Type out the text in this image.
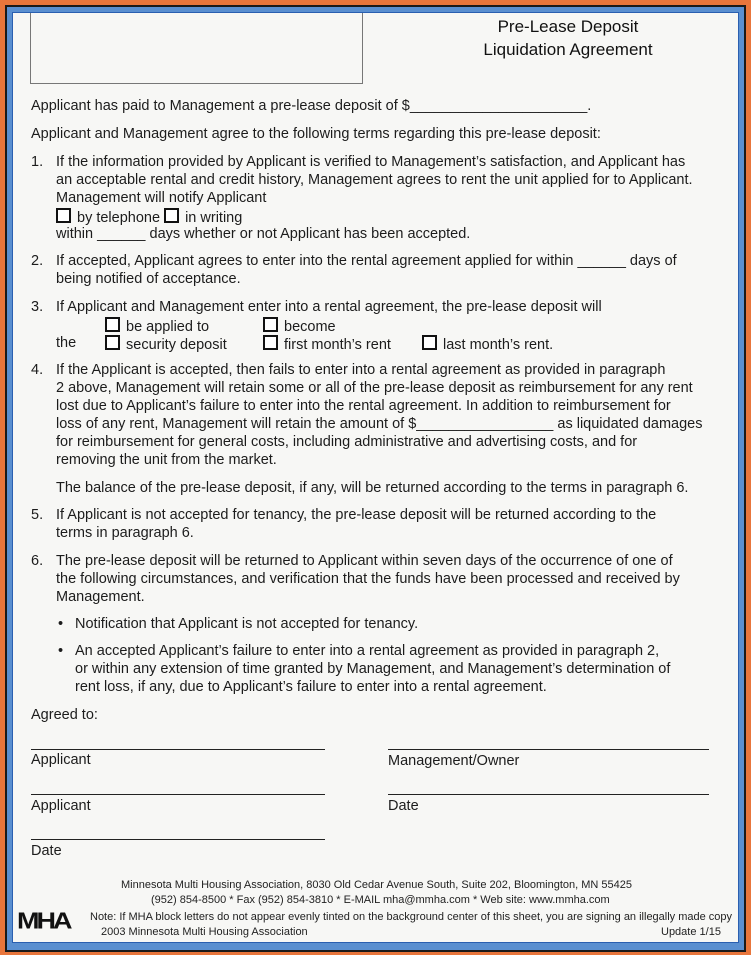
Pre-Lease Deposit
Liquidation Agreement
Applicant has paid to Management a pre-lease deposit of $______________________.
Applicant and Management agree to the following terms regarding this pre-lease deposit:
1. If the information provided by Applicant is verified to Management’s satisfaction, and Applicant has
an acceptable rental and credit history, Management agrees to rent the unit applied for to Applicant.
Management will notify Applicant
by telephone in writing
within ______ days whether or not Applicant has been accepted.
2. If accepted, Applicant agrees to enter into the rental agreement applied for within ______ days of
being notified of acceptance.
3. If Applicant and Management enter into a rental agreement, the pre-lease deposit will
be applied to	become
the	security deposit	first month’s rent	last month’s rent.
4. If the Applicant is accepted, then fails to enter into a rental agreement as provided in paragraph
2 above, Management will retain some or all of the pre-lease deposit as reimbursement for any rent
lost due to Applicant’s failure to enter into the rental agreement. In addition to reimbursement for
loss of any rent, Management will retain the amount of $_________________ as liquidated damages
for reimbursement for general costs, including administrative and advertising costs, and for
removing the unit from the market.
The balance of the pre-lease deposit, if any, will be returned according to the terms in paragraph 6.
5. If Applicant is not accepted for tenancy, the pre-lease deposit will be returned according to the
terms in paragraph 6.
6. The pre-lease deposit will be returned to Applicant within seven days of the occurrence of one of
the following circumstances, and verification that the funds have been processed and received by
Management.
• Notification that Applicant is not accepted for tenancy.
• An accepted Applicant’s failure to enter into a rental agreement as provided in paragraph 2,
or within any extension of time granted by Management, and Management’s determination of
rent loss, if any, due to Applicant’s failure to enter into a rental agreement.
Agreed to:
Applicant	Management/Owner
Applicant	Date
Date
Minnesota Multi Housing Association, 8030 Old Cedar Avenue South, Suite 202, Bloomington, MN 55425
(952) 854-8500 * Fax (952) 854-3810 * E-MAIL mha@mmha.com * Web site: www.mmha.com
MHA Note: If MHA block letters do not appear evenly tinted on the background center of this sheet, you are signing an illegally made copy
2003 Minnesota Multi Housing Association	Update 1/15
